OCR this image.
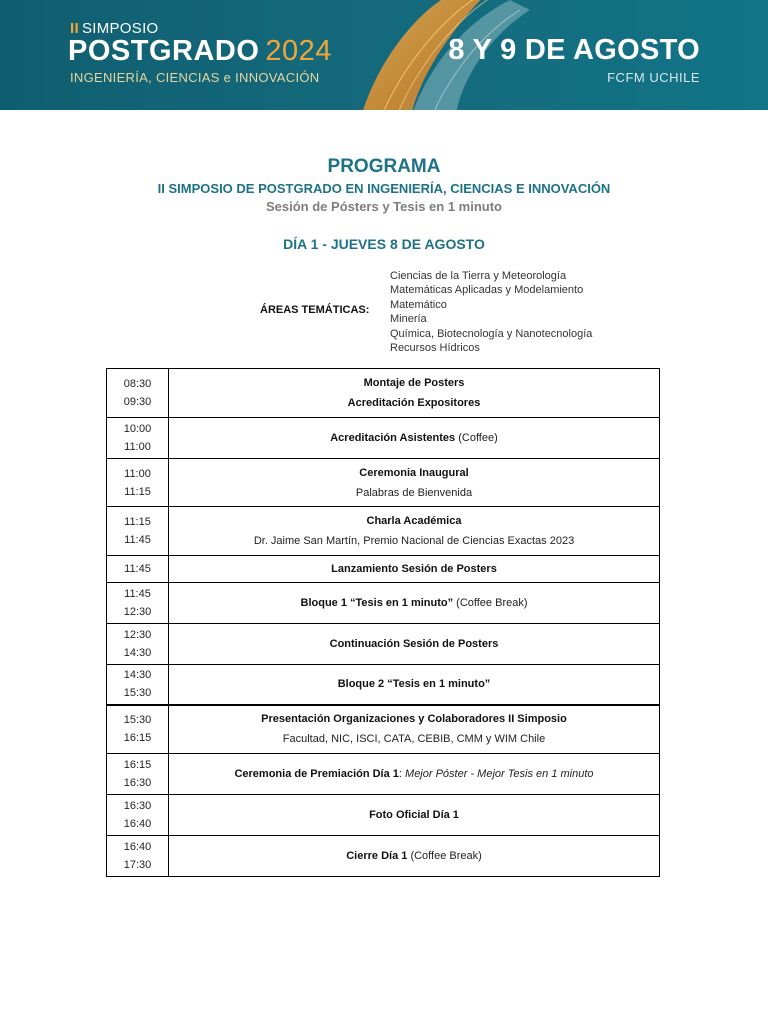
II SIMPOSIO
POSTGRADO 2024
INGENIERÍA, CIENCIAS e INNOVACIÓN
8 Y 9 DE AGOSTO
FCFM UCHILE
PROGRAMA
II SIMPOSIO DE POSTGRADO EN INGENIERÍA, CIENCIAS E INNOVACIÓN
Sesión de Pósters y Tesis en 1 minuto
DÍA 1 - JUEVES 8 DE AGOSTO
ÁREAS TEMÁTICAS:
Ciencias de la Tierra y Meteorología
Matemáticas Aplicadas y Modelamiento
Matemático
Minería
Química, Biotecnología y Nanotecnología
Recursos Hídricos
08:30
09:30	Montaje de Posters
Acreditación Expositores

10:00
11:00	Acreditación Asistentes (Coffee)

11:00
11:15	Ceremonia Inaugural
Palabras de Bienvenida

11:15
11:45	Charla Académica
Dr. Jaime San Martín, Premio Nacional de Ciencias Exactas 2023

11:45	Lanzamiento Sesión de Posters

11:45
12:30	Bloque 1 “Tesis en 1 minuto” (Coffee Break)

12:30
14:30	Continuación Sesión de Posters

14:30
15:30	Bloque 2 “Tesis en 1 minuto”

15:30
16:15	Presentación Organizaciones y Colaboradores II Simposio
Facultad, NIC, ISCI, CATA, CEBIB, CMM y WIM Chile

16:15
16:30	Ceremonia de Premiación Día 1: Mejor Póster - Mejor Tesis en 1 minuto

16:30
16:40	Foto Oficial Día 1

16:40
17:30	Cierre Día 1 (Coffee Break)
